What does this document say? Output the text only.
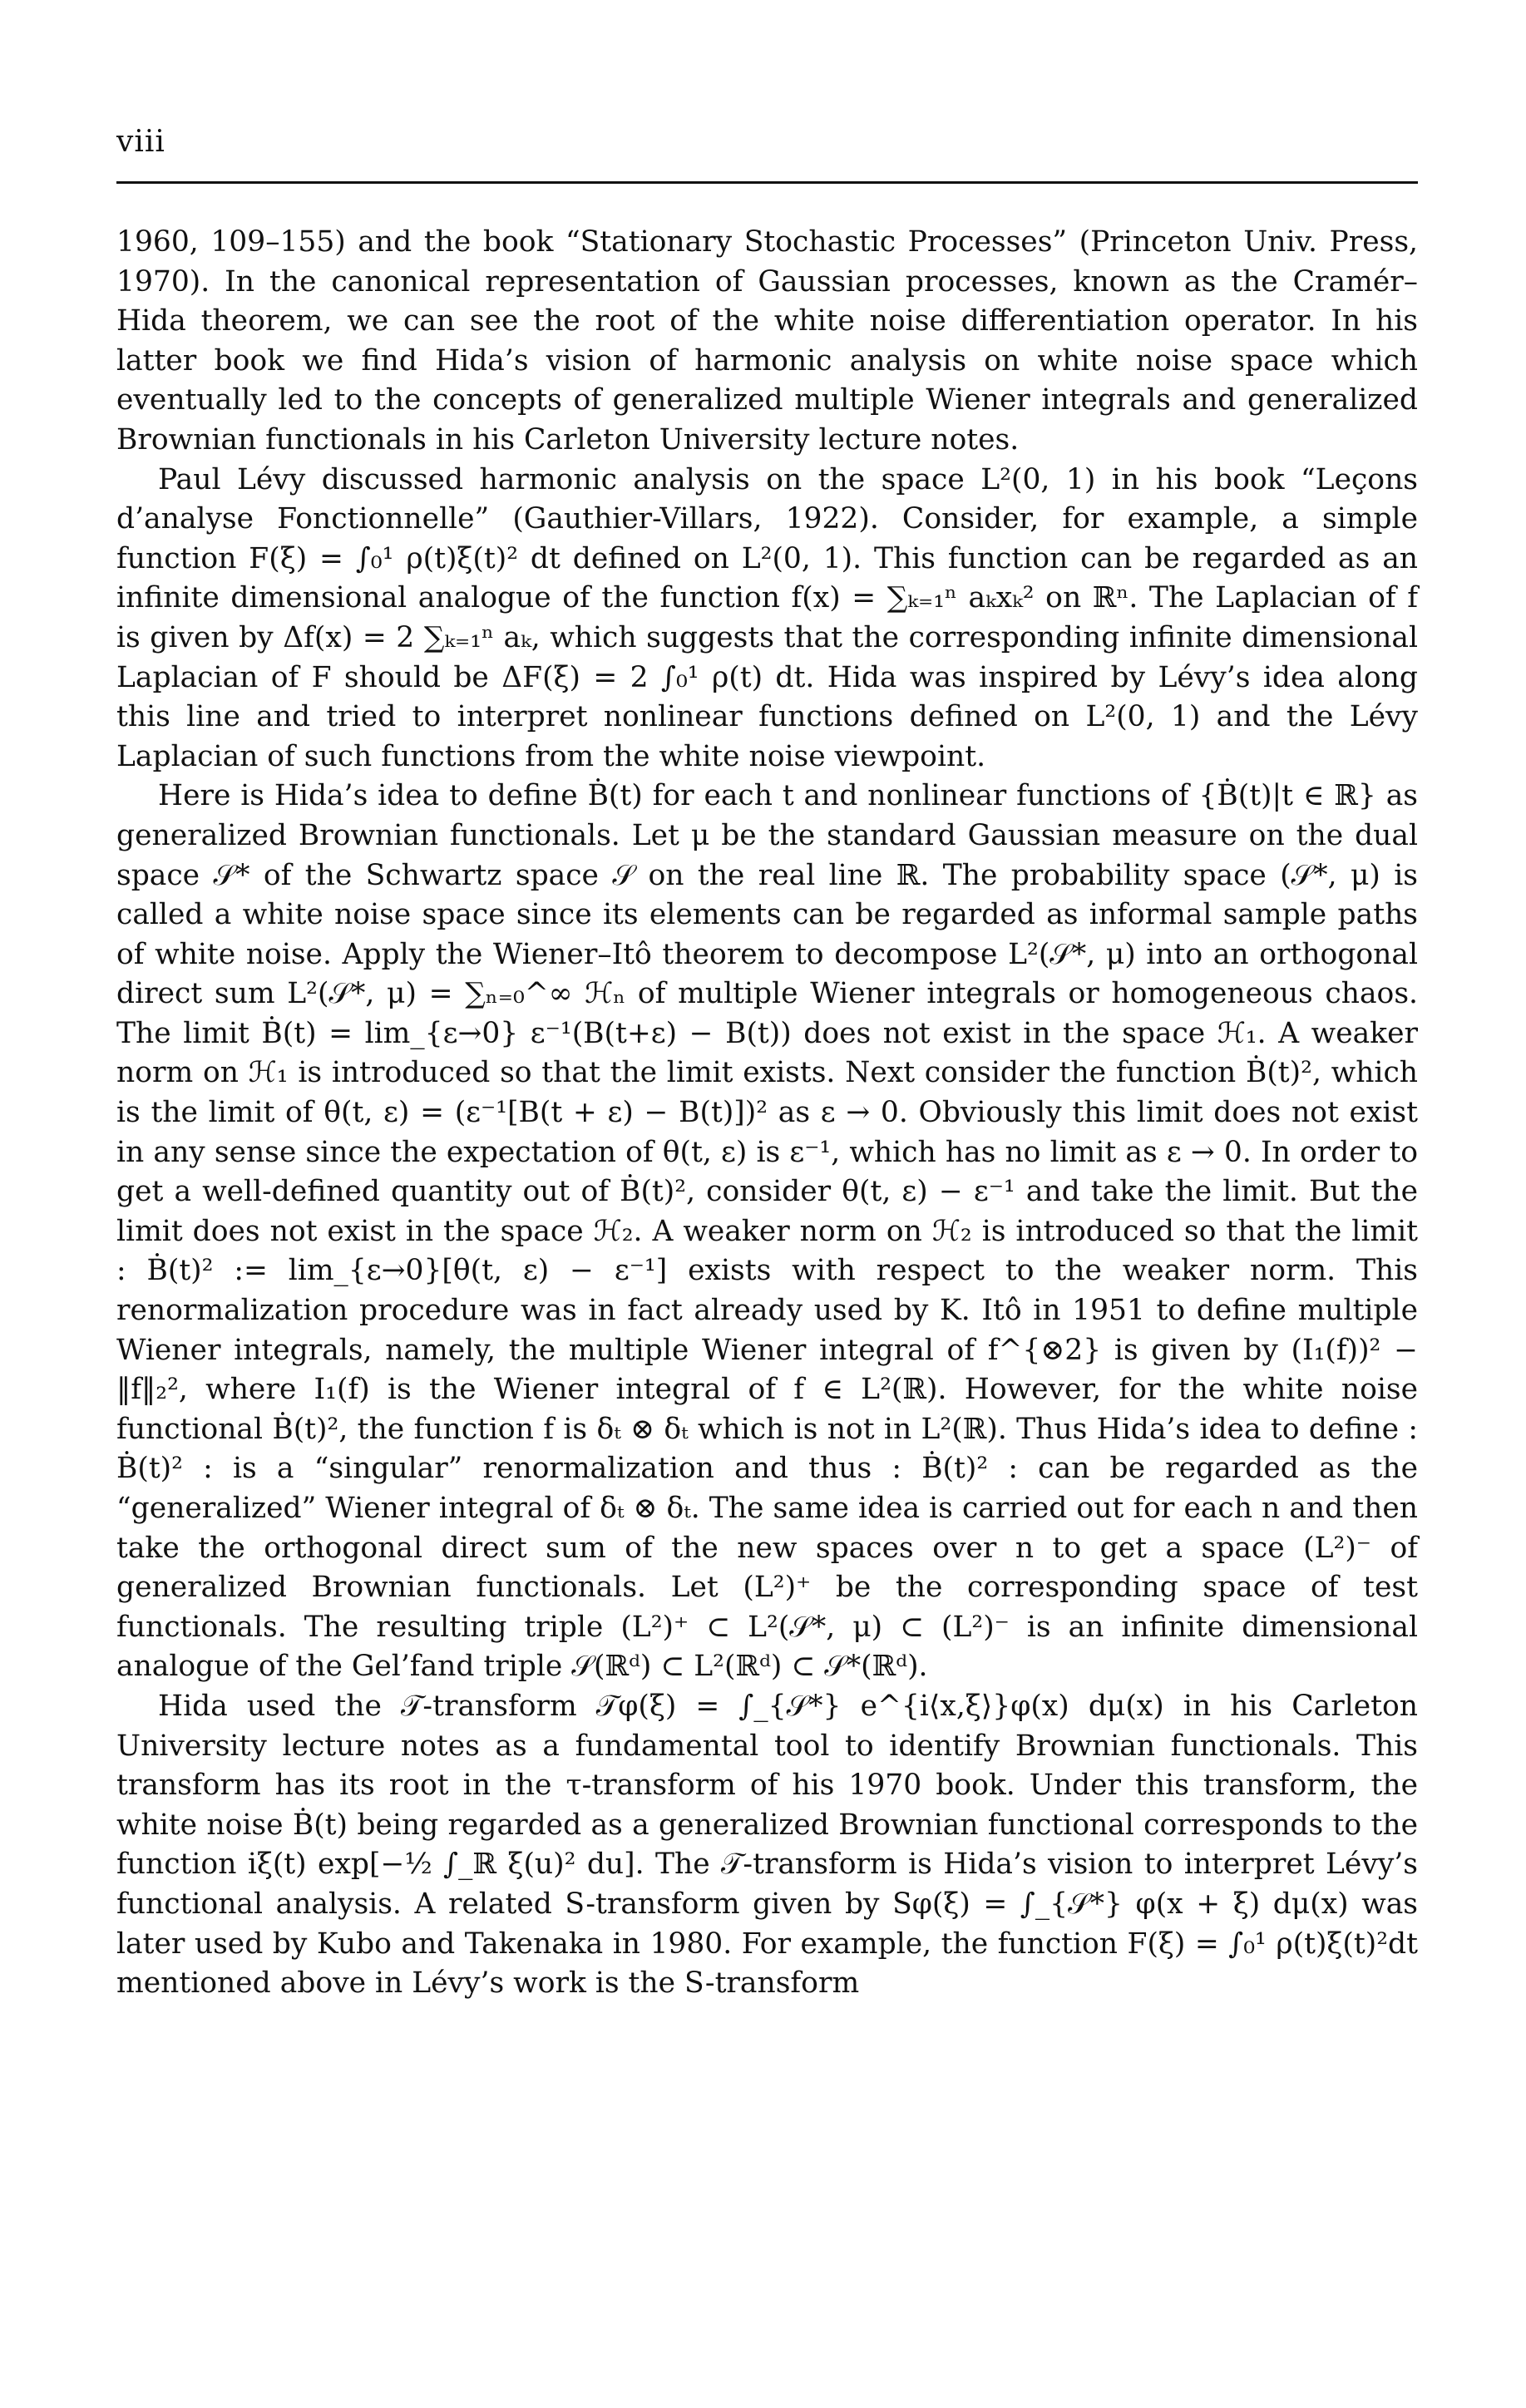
viii

1960, 109–155) and the book “Stationary Stochastic Processes” (Princeton Univ. Press, 1970). In the canonical representation of Gaussian processes, known as the Cramér–Hida theorem, we can see the root of the white noise differentiation operator. In his latter book we find Hida’s vision of harmonic analysis on white noise space which eventually led to the concepts of generalized multiple Wiener integrals and generalized Brownian functionals in his Carleton University lecture notes.

Paul Lévy discussed harmonic analysis on the space L²(0, 1) in his book “Leçons d’analyse Fonctionnelle” (Gauthier-Villars, 1922). Consider, for example, a simple function F(ξ) = ∫₀¹ ρ(t)ξ(t)² dt defined on L²(0, 1). This function can be regarded as an infinite dimensional analogue of the function f(x) = ∑ₖ₌₁ⁿ aₖxₖ² on ℝⁿ. The Laplacian of f is given by Δf(x) = 2 ∑ₖ₌₁ⁿ aₖ, which suggests that the corresponding infinite dimensional Laplacian of F should be ΔF(ξ) = 2 ∫₀¹ ρ(t) dt. Hida was inspired by Lévy’s idea along this line and tried to interpret nonlinear functions defined on L²(0, 1) and the Lévy Laplacian of such functions from the white noise viewpoint.

Here is Hida’s idea to define Ḃ(t) for each t and nonlinear functions of {Ḃ(t)|t ∈ ℝ} as generalized Brownian functionals. Let μ be the standard Gaussian measure on the dual space 𝒮* of the Schwartz space 𝒮 on the real line ℝ. The probability space (𝒮*, μ) is called a white noise space since its elements can be regarded as informal sample paths of white noise. Apply the Wiener–Itô theorem to decompose L²(𝒮*, μ) into an orthogonal direct sum L²(𝒮*, μ) = ∑ₙ₌₀^∞ ℋₙ of multiple Wiener integrals or homogeneous chaos. The limit Ḃ(t) = lim_{ε→0} ε⁻¹(B(t+ε) − B(t)) does not exist in the space ℋ₁. A weaker norm on ℋ₁ is introduced so that the limit exists. Next consider the function Ḃ(t)², which is the limit of θ(t, ε) = (ε⁻¹[B(t + ε) − B(t)])² as ε → 0. Obviously this limit does not exist in any sense since the expectation of θ(t, ε) is ε⁻¹, which has no limit as ε → 0. In order to get a well-defined quantity out of Ḃ(t)², consider θ(t, ε) − ε⁻¹ and take the limit. But the limit does not exist in the space ℋ₂. A weaker norm on ℋ₂ is introduced so that the limit : Ḃ(t)² := lim_{ε→0}[θ(t, ε) − ε⁻¹] exists with respect to the weaker norm. This renormalization procedure was in fact already used by K. Itô in 1951 to define multiple Wiener integrals, namely, the multiple Wiener integral of f^{⊗2} is given by (I₁(f))² − ‖f‖₂², where I₁(f) is the Wiener integral of f ∈ L²(ℝ). However, for the white noise functional Ḃ(t)², the function f is δₜ ⊗ δₜ which is not in L²(ℝ). Thus Hida’s idea to define : Ḃ(t)² : is a “singular” renormalization and thus : Ḃ(t)² : can be regarded as the “generalized” Wiener integral of δₜ ⊗ δₜ. The same idea is carried out for each n and then take the orthogonal direct sum of the new spaces over n to get a space (L²)⁻ of generalized Brownian functionals. Let (L²)⁺ be the corresponding space of test functionals. The resulting triple (L²)⁺ ⊂ L²(𝒮*, μ) ⊂ (L²)⁻ is an infinite dimensional analogue of the Gel’fand triple 𝒮(ℝᵈ) ⊂ L²(ℝᵈ) ⊂ 𝒮*(ℝᵈ).

Hida used the 𝒯-transform 𝒯φ(ξ) = ∫_{𝒮*} e^{i⟨x,ξ⟩}φ(x) dμ(x) in his Carleton University lecture notes as a fundamental tool to identify Brownian functionals. This transform has its root in the τ-transform of his 1970 book. Under this transform, the white noise Ḃ(t) being regarded as a generalized Brownian functional corresponds to the function iξ(t) exp[−½ ∫_ℝ ξ(u)² du]. The 𝒯-transform is Hida’s vision to interpret Lévy’s functional analysis. A related S-transform given by Sφ(ξ) = ∫_{𝒮*} φ(x + ξ) dμ(x) was later used by Kubo and Takenaka in 1980. For example, the function F(ξ) = ∫₀¹ ρ(t)ξ(t)²dt mentioned above in Lévy’s work is the S-transform
